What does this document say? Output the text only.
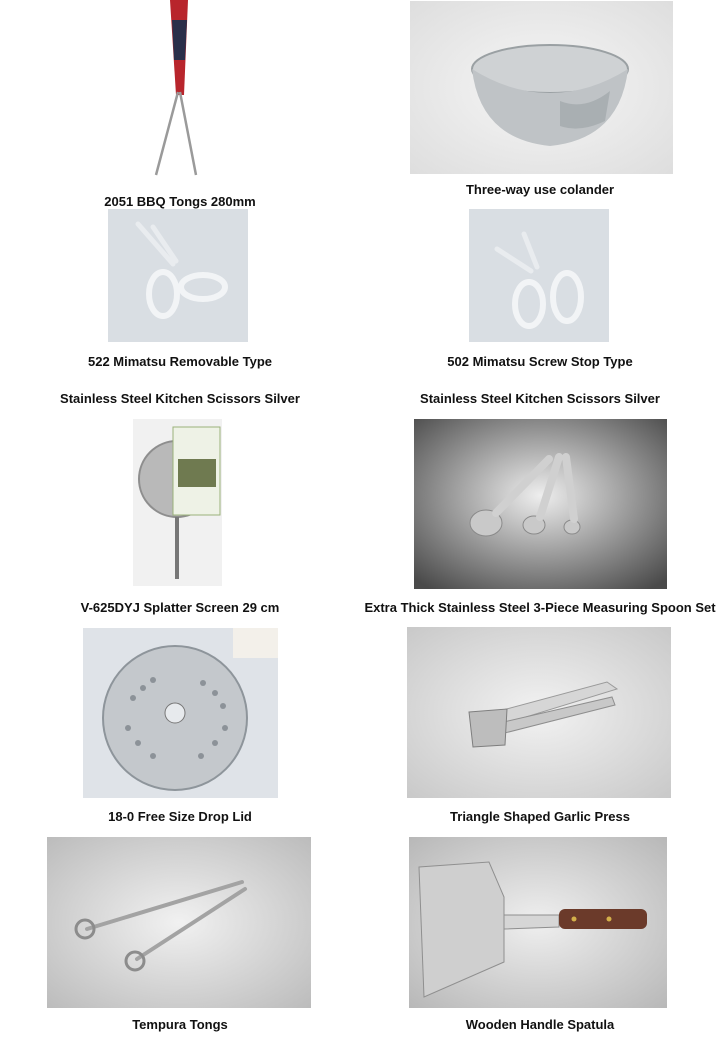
2051 BBQ Tongs 280mm
Three-way use colander
522 Mimatsu Removable Type
Stainless Steel Kitchen Scissors Silver
502 Mimatsu Screw Stop Type
Stainless Steel Kitchen Scissors Silver
V-625DYJ Splatter Screen 29 cm	Extra Thick Stainless Steel 3-Piece Measuring Spoon Set
18-0 Free Size Drop Lid	Triangle Shaped Garlic Press
Tempura Tongs	Wooden Handle Spatula
